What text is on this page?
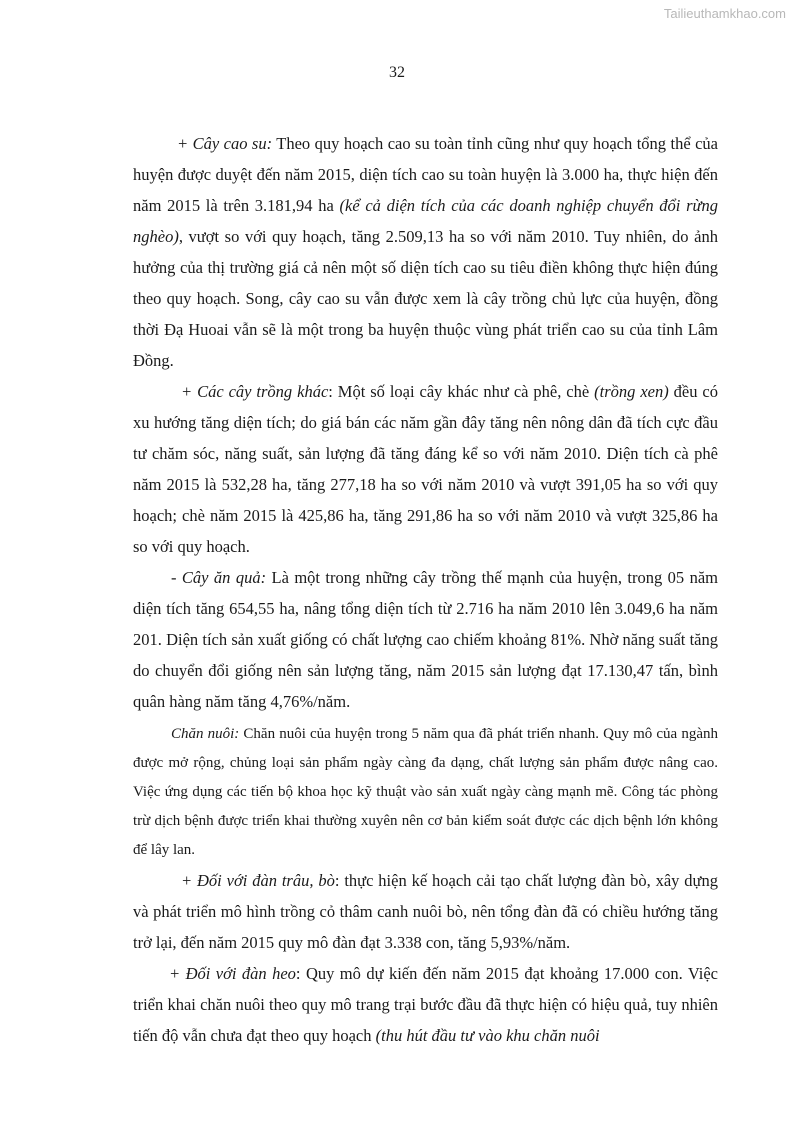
Tailieuthamkhao.com
32

+ Cây cao su: Theo quy hoạch cao su toàn tỉnh cũng như quy hoạch tổng thể của huyện được duyệt đến năm 2015, diện tích cao su toàn huyện là 3.000 ha, thực hiện đến năm 2015 là trên 3.181,94 ha (kể cả diện tích của các doanh nghiệp chuyển đổi rừng nghèo), vượt so với quy hoạch, tăng 2.509,13 ha so với năm 2010. Tuy nhiên, do ảnh hưởng của thị trường giá cả nên một số diện tích cao su tiêu điền không thực hiện đúng theo quy hoạch. Song, cây cao su vẫn được xem là cây trồng chủ lực của huyện, đồng thời Đạ Huoai vẫn sẽ là một trong ba huyện thuộc vùng phát triển cao su của tỉnh Lâm Đồng.

+ Các cây trồng khác: Một số loại cây khác như cà phê, chè (trồng xen) đều có xu hướng tăng diện tích; do giá bán các năm gần đây tăng nên nông dân đã tích cực đầu tư chăm sóc, năng suất, sản lượng đã tăng đáng kể so với năm 2010. Diện tích cà phê năm 2015 là 532,28 ha, tăng 277,18 ha so với năm 2010 và vượt 391,05 ha so với quy hoạch; chè năm 2015 là 425,86 ha, tăng 291,86 ha so với năm 2010 và vượt 325,86 ha so với quy hoạch.

- Cây ăn quả: Là một trong những cây trồng thế mạnh của huyện, trong 05 năm diện tích tăng 654,55 ha, nâng tổng diện tích từ 2.716 ha năm 2010 lên 3.049,6 ha năm 201. Diện tích sản xuất giống có chất lượng cao chiếm khoảng 81%. Nhờ năng suất tăng do chuyển đổi giống nên sản lượng tăng, năm 2015 sản lượng đạt 17.130,47 tấn, bình quân hàng năm tăng 4,76%/năm.

Chăn nuôi: Chăn nuôi của huyện trong 5 năm qua đã phát triển nhanh. Quy mô của ngành được mở rộng, chủng loại sản phẩm ngày càng đa dạng, chất lượng sản phẩm được nâng cao. Việc ứng dụng các tiến bộ khoa học kỹ thuật vào sản xuất ngày càng mạnh mẽ. Công tác phòng trừ dịch bệnh được triển khai thường xuyên nên cơ bản kiểm soát được các dịch bệnh lớn không để lây lan.

+ Đối với đàn trâu, bò: thực hiện kế hoạch cải tạo chất lượng đàn bò, xây dựng và phát triển mô hình trồng cỏ thâm canh nuôi bò, nên tổng đàn đã có chiều hướng tăng trở lại, đến năm 2015 quy mô đàn đạt 3.338 con, tăng 5,93%/năm.

+ Đối với đàn heo: Quy mô dự kiến đến năm 2015 đạt khoảng 17.000 con. Việc triển khai chăn nuôi theo quy mô trang trại bước đầu đã thực hiện có hiệu quả, tuy nhiên tiến độ vẫn chưa đạt theo quy hoạch (thu hút đầu tư vào khu chăn nuôi
